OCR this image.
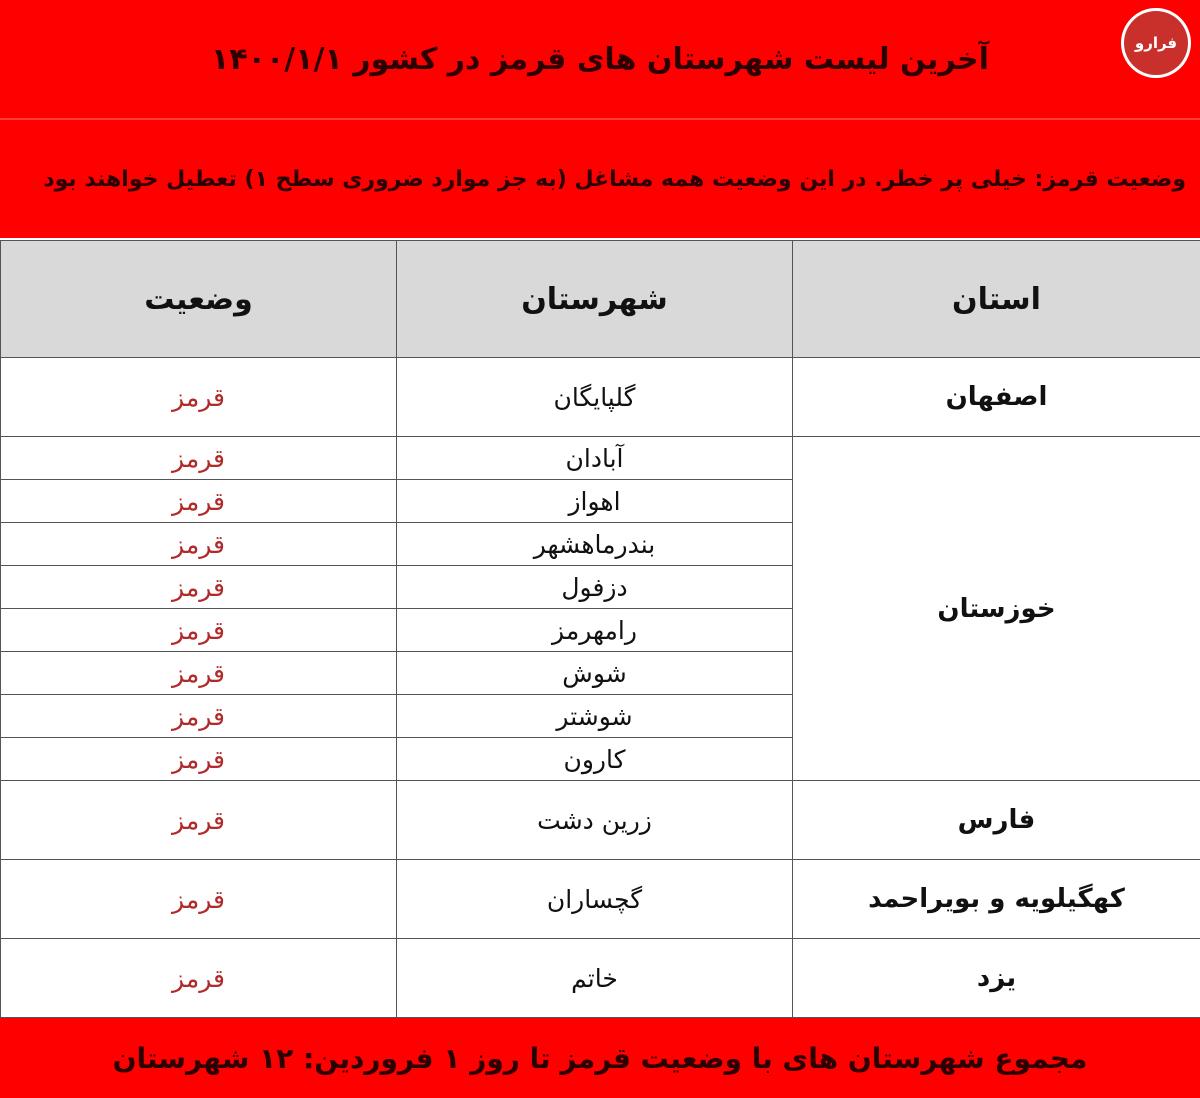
آخرین لیست شهرستان های قرمز در کشور ۱۴۰۰/۱/۱
وضعیت قرمز: خیلی پر خطر. در این وضعیت همه مشاغل (به جز موارد ضروری سطح ۱) تعطیل خواهند بود
فرارو
استان	شهرستان	وضعیت
اصفهان	گلپایگان	قرمز
خوزستان	آبادان	قرمز
	اهواز	قرمز
	بندرماهشهر	قرمز
	دزفول	قرمز
	رامهرمز	قرمز
	شوش	قرمز
	شوشتر	قرمز
	کارون	قرمز
فارس	زرین دشت	قرمز
کهگیلویه و بویراحمد	گچساران	قرمز
یزد	خاتم	قرمز
مجموع شهرستان های با وضعیت قرمز تا روز ۱ فروردین: ۱۲ شهرستان
